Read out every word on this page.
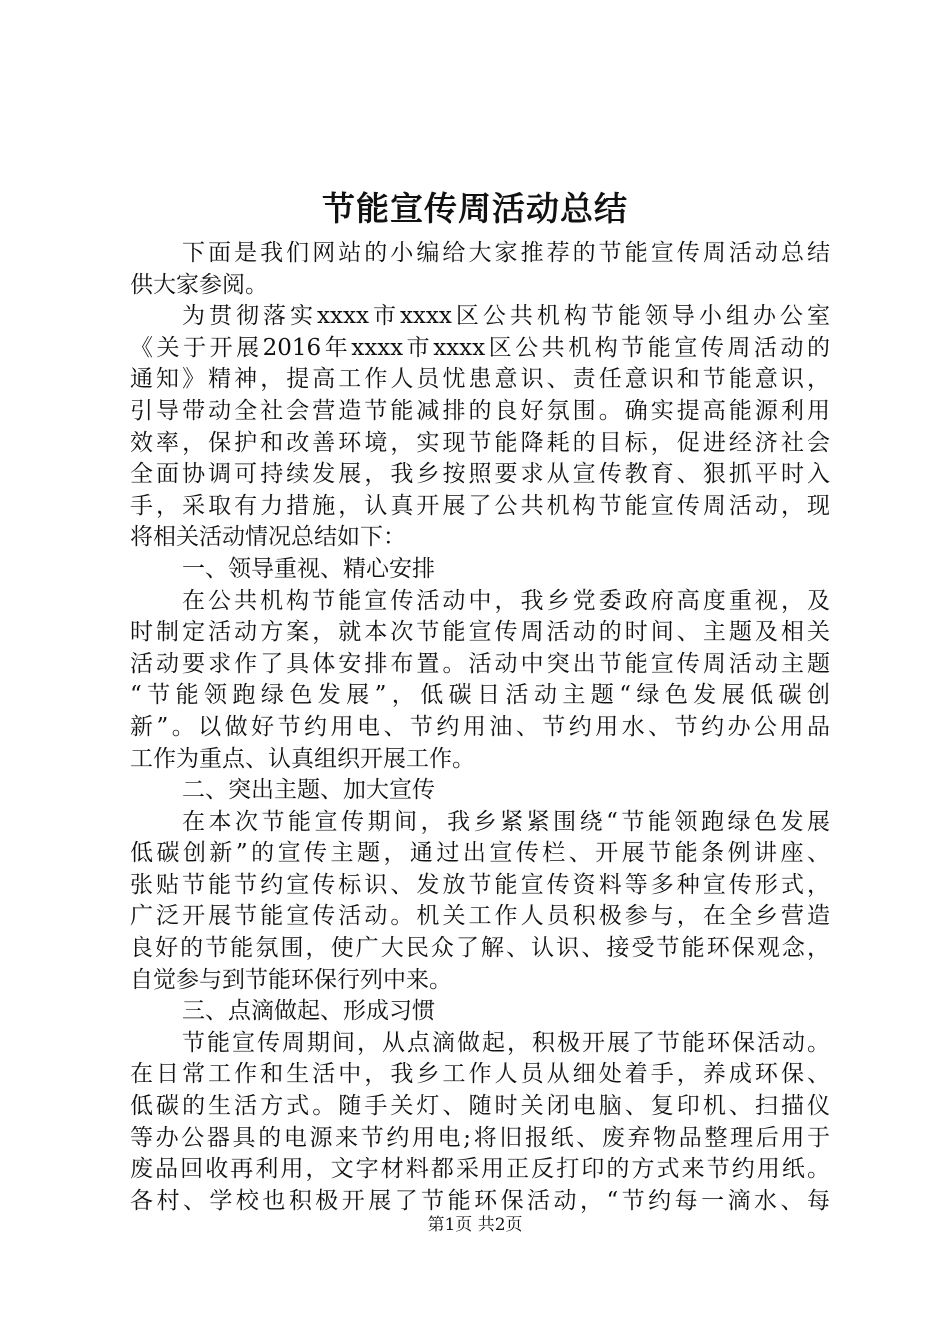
节能宣传周活动总结
下面是我们网站的小编给大家推荐的节能宣传周活动总结
供大家参阅。
为贯彻落实xxxx市xxxx区公共机构节能领导小组办公室
《关于开展2016年xxxx市xxxx区公共机构节能宣传周活动的
通知》精神，提高工作人员忧患意识、责任意识和节能意识，
引导带动全社会营造节能减排的良好氛围。确实提高能源利用
效率，保护和改善环境，实现节能降耗的目标，促进经济社会
全面协调可持续发展，我乡按照要求从宣传教育、狠抓平时入
手，采取有力措施，认真开展了公共机构节能宣传周活动，现
将相关活动情况总结如下：
一、领导重视、精心安排
在公共机构节能宣传活动中，我乡党委政府高度重视，及
时制定活动方案，就本次节能宣传周活动的时间、主题及相关
活动要求作了具体安排布置。活动中突出节能宣传周活动主题
“节能领跑绿色发展”，低碳日活动主题“绿色发展低碳创
新”。以做好节约用电、节约用油、节约用水、节约办公用品
工作为重点、认真组织开展工作。
二、突出主题、加大宣传
在本次节能宣传期间，我乡紧紧围绕“节能领跑绿色发展
低碳创新”的宣传主题，通过出宣传栏、开展节能条例讲座、
张贴节能节约宣传标识、发放节能宣传资料等多种宣传形式，
广泛开展节能宣传活动。机关工作人员积极参与，在全乡营造
良好的节能氛围，使广大民众了解、认识、接受节能环保观念，
自觉参与到节能环保行列中来。
三、点滴做起、形成习惯
节能宣传周期间，从点滴做起，积极开展了节能环保活动。
在日常工作和生活中，我乡工作人员从细处着手，养成环保、
低碳的生活方式。随手关灯、随时关闭电脑、复印机、扫描仪
等办公器具的电源来节约用电;将旧报纸、废弃物品整理后用于
废品回收再利用，文字材料都采用正反打印的方式来节约用纸。
各村、学校也积极开展了节能环保活动，“节约每一滴水、每
第1页 共2页
